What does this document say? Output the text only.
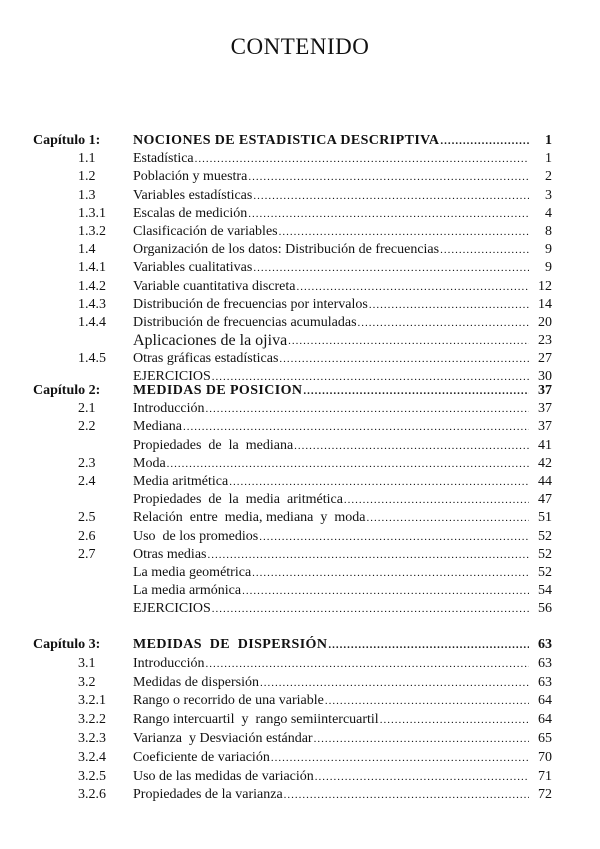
CONTENIDO
Capítulo 1: NOCIONES DE ESTADISTICA DESCRIPTIVA .....	1
1.1	Estadística .....	1
1.2	Población y muestra .....	2
1.3	Variables estadísticas .....	3
1.3.1 Escalas de medición .....	4
1.3.2 Clasificación de variables .....	8
1.4	Organización de los datos: Distribución de frecuencias .....	9
1.4.1 Variables cualitativas .....	9
1.4.2 Variable cuantitativa discreta .....	12
1.4.3 Distribución de frecuencias por intervalos .....	14
1.4.4 Distribución de frecuencias acumuladas .....	20
Aplicaciones de la ojiva .....	23
1.4.5 Otras gráficas estadísticas .....	27
EJERCICIOS .....	30
Capítulo 2: MEDIDAS DE POSICION .....	37
2.1	Introducción .....	37
2.2	Mediana .....	37
Propiedades  de  la  mediana .....	41
2.3	Moda .....	42
2.4	Media aritmética .....	44
Propiedades  de  la  media  aritmética .....	47
2.5	Relación  entre  media, mediana  y  moda .....	51
2.6	Uso  de los promedios .....	52
2.7	Otras medias .....	52
La media geométrica .....	52
La media armónica .....	54
EJERCICIOS .....	56
Capítulo 3: MEDIDAS  DE  DISPERSIÓN .....	63
3.1	Introducción .....	63
3.2	Medidas de dispersión .....	63
3.2.1 Rango o recorrido de una variable .....	64
3.2.2 Rango intercuartil  y  rango semiintercuartil .....	64
3.2.3 Varianza  y Desviación estándar .....	65
3.2.4 Coeficiente de variación .....	70
3.2.5 Uso de las medidas de variación .....	71
3.2.6 Propiedades de la varianza .....	72
